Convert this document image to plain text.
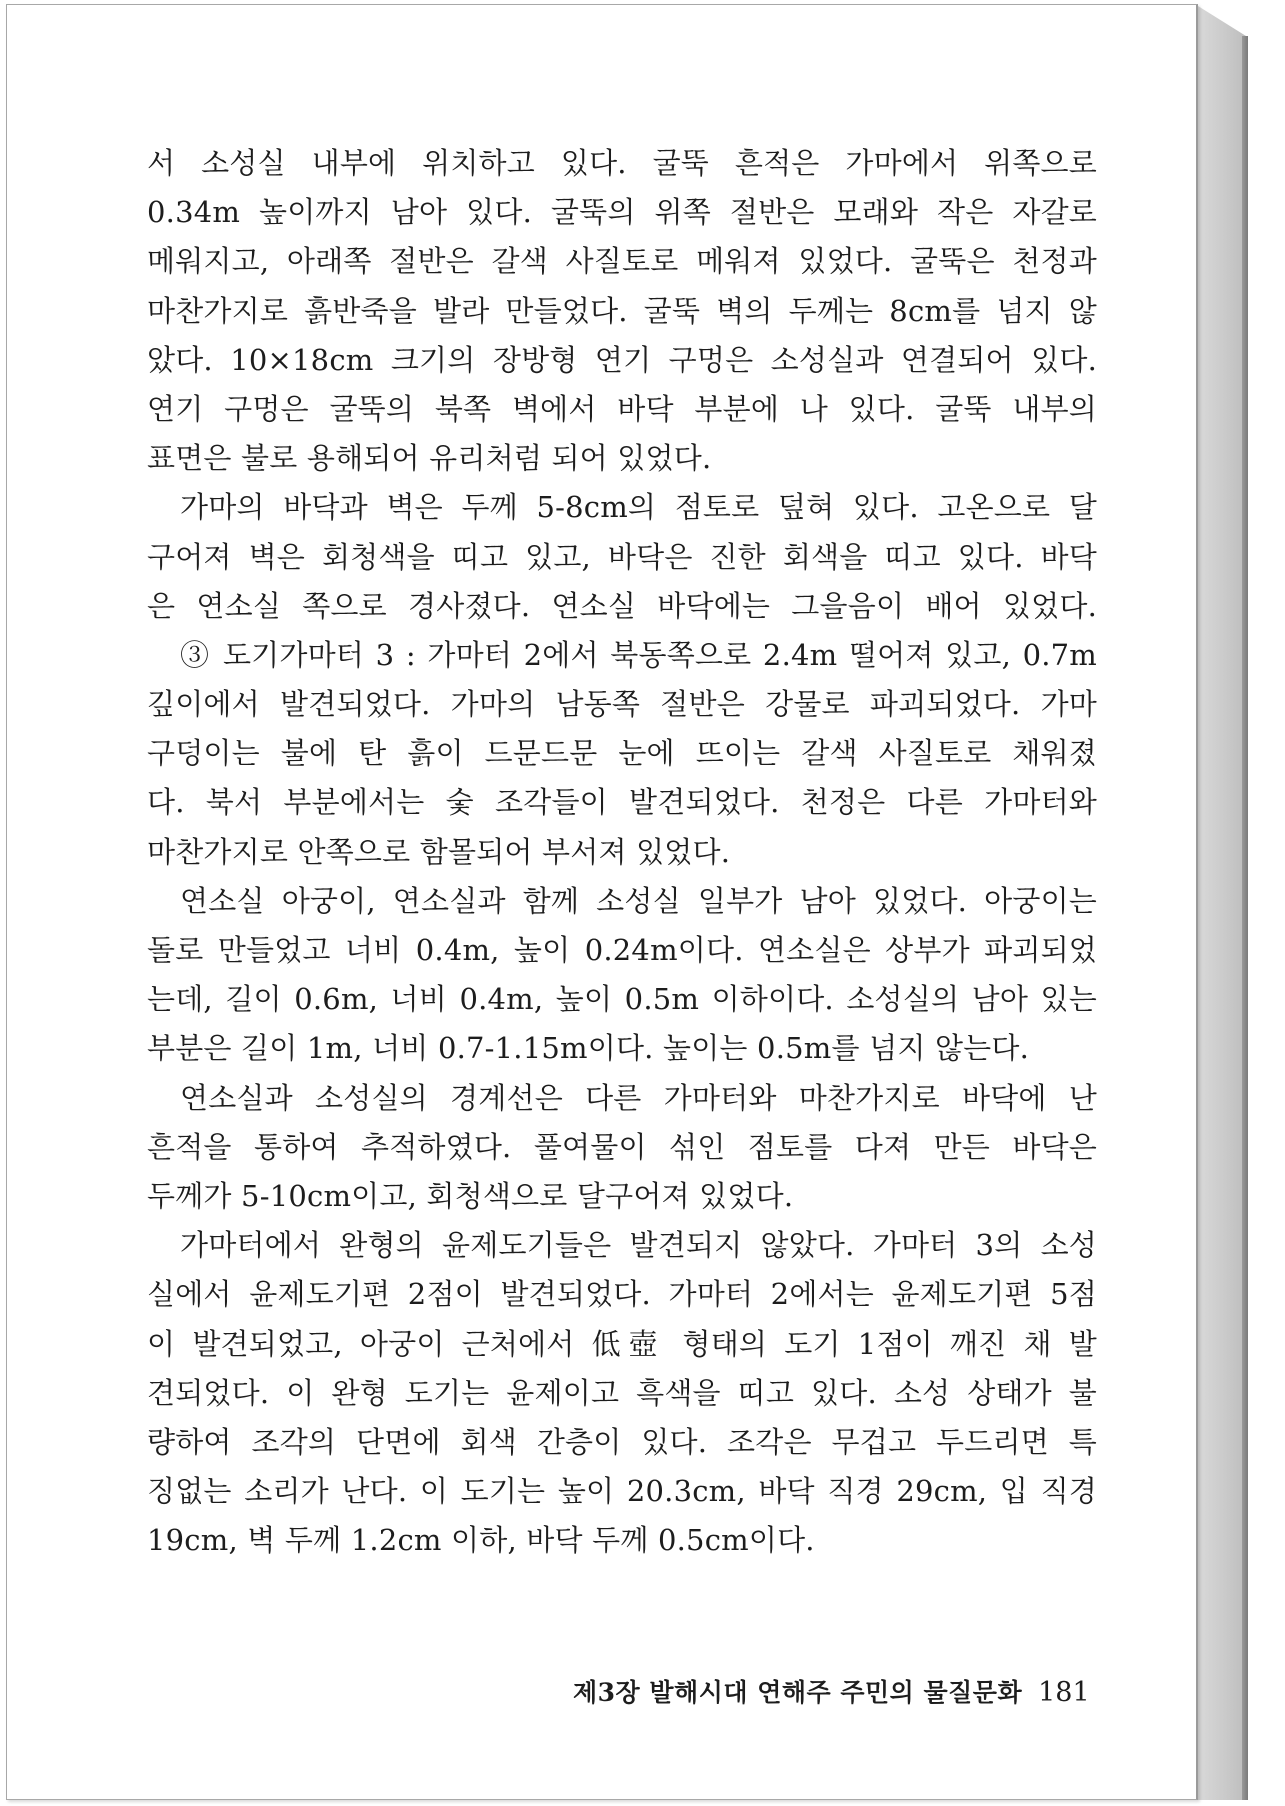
서 소성실 내부에 위치하고 있다. 굴뚝 흔적은 가마에서 위쪽으로
0.34m 높이까지 남아 있다. 굴뚝의 위쪽 절반은 모래와 작은 자갈로
메워지고, 아래쪽 절반은 갈색 사질토로 메워져 있었다. 굴뚝은 천정과
마찬가지로 흙반죽을 발라 만들었다. 굴뚝 벽의 두께는 8cm를 넘지 않
았다. 10×18cm 크기의 장방형 연기 구멍은 소성실과 연결되어 있다.
연기 구멍은 굴뚝의 북쪽 벽에서 바닥 부분에 나 있다. 굴뚝 내부의
표면은 불로 용해되어 유리처럼 되어 있었다.
가마의 바닥과 벽은 두께 5-8cm의 점토로 덮혀 있다. 고온으로 달
구어져 벽은 회청색을 띠고 있고, 바닥은 진한 회색을 띠고 있다. 바닥
은 연소실 쪽으로 경사졌다. 연소실 바닥에는 그을음이 배어 있었다.
③ 도기가마터 3 : 가마터 2에서 북동쪽으로 2.4m 떨어져 있고, 0.7m
깊이에서 발견되었다. 가마의 남동쪽 절반은 강물로 파괴되었다. 가마
구덩이는 불에 탄 흙이 드문드문 눈에 뜨이는 갈색 사질토로 채워졌
다. 북서 부분에서는 숯 조각들이 발견되었다. 천정은 다른 가마터와
마찬가지로 안쪽으로 함몰되어 부서져 있었다.
연소실 아궁이, 연소실과 함께 소성실 일부가 남아 있었다. 아궁이는
돌로 만들었고 너비 0.4m, 높이 0.24m이다. 연소실은 상부가 파괴되었
는데, 길이 0.6m, 너비 0.4m, 높이 0.5m 이하이다. 소성실의 남아 있는
부분은 길이 1m, 너비 0.7-1.15m이다. 높이는 0.5m를 넘지 않는다.
연소실과 소성실의 경계선은 다른 가마터와 마찬가지로 바닥에 난
흔적을 통하여 추적하였다. 풀여물이 섞인 점토를 다져 만든 바닥은
두께가 5-10cm이고, 회청색으로 달구어져 있었다.
가마터에서 완형의 윤제도기들은 발견되지 않았다. 가마터 3의 소성
실에서 윤제도기편 2점이 발견되었다. 가마터 2에서는 윤제도기편 5점
이 발견되었고, 아궁이 근처에서 低壺 형태의 도기 1점이 깨진 채 발
견되었다. 이 완형 도기는 윤제이고 흑색을 띠고 있다. 소성 상태가 불
량하여 조각의 단면에 회색 간층이 있다. 조각은 무겁고 두드리면 특
징없는 소리가 난다. 이 도기는 높이 20.3cm, 바닥 직경 29cm, 입 직경
19cm, 벽 두께 1.2cm 이하, 바닥 두께 0.5cm이다.
제3장 발해시대 연해주 주민의 물질문화 181
